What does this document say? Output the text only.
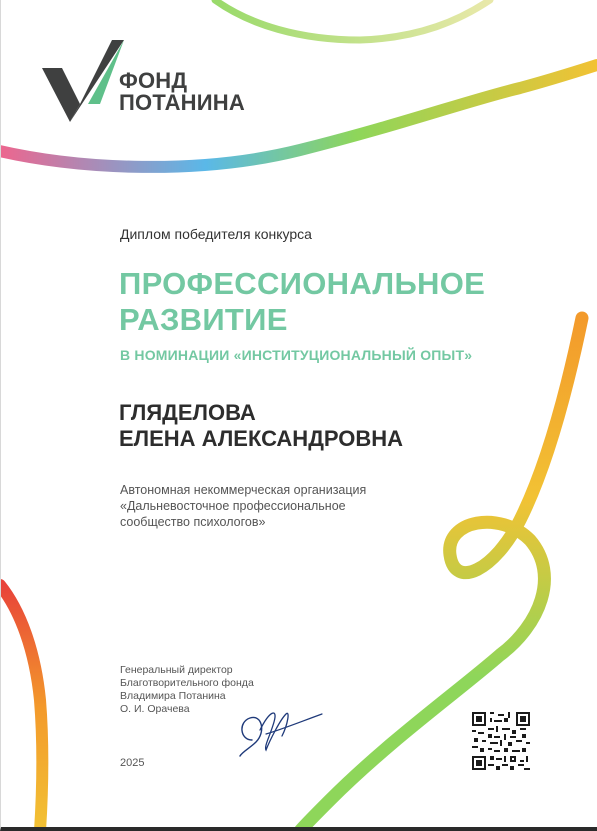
ФОНД
ПОТАНИНА
Диплом победителя конкурса
ПРОФЕССИОНАЛЬНОЕ
РАЗВИТИЕ
В НОМИНАЦИИ «ИНСТИТУЦИОНАЛЬНЫЙ ОПЫТ»
ГЛЯДЕЛОВА
ЕЛЕНА АЛЕКСАНДРОВНА
Автономная некоммерческая организация
«Дальневосточное профессиональное
сообщество психологов»
Генеральный директор
Благотворительного фонда
Владимира Потанина
О. И. Орачева
2025
